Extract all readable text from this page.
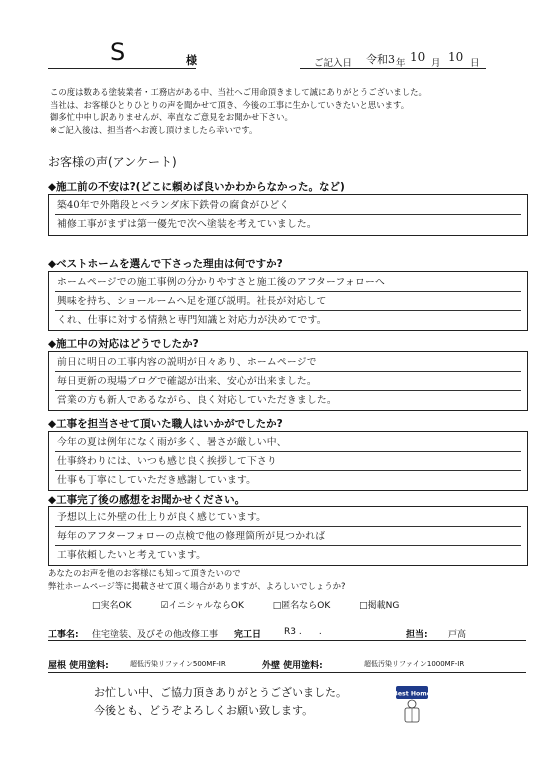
S	様	ご記入日 令和3 年 10 月 10 日
この度は数ある塗装業者・工務店がある中、当社へご用命頂きまして誠にありがとうございました。
当社は、お客様ひとりひとりの声を聞かせて頂き、今後の工事に生かしていきたいと思います。
御多忙中申し訳ありませんが、率直なご意見をお聞かせ下さい。
※ご記入後は、担当者へお渡し頂けましたら幸いです。
お客様の声(アンケート)
◆施工前の不安は?(どこに頼めば良いかわからなかった。など)
築40年で外階段とベランダ床下鉄骨の腐食がひどく
補修工事がまずは第一優先で次へ塗装を考えていました。
◆ベストホームを選んで下さった理由は何ですか?
ホームページでの施工事例の分かりやすさと施工後のアフターフォローへ
興味を持ち、ショールームへ足を運び説明。社長が対応して
くれ、仕事に対する情熱と専門知識と対応力が決めてです。
◆施工中の対応はどうでしたか?
前日に明日の工事内容の説明が日々あり、ホームページで
毎日更新の現場ブログで確認が出来、安心が出来ました。
営業の方も新人であるながら、良く対応していただきました。
◆工事を担当させて頂いた職人はいかがでしたか?
今年の夏は例年になく雨が多く、暑さが厳しい中、
仕事終わりには、いつも感じ良く挨拶して下さり
仕事も丁寧にしていただき感謝しています。
◆工事完了後の感想をお聞かせください。
予想以上に外壁の仕上りが良く感じています。
毎年のアフターフォローの点検で他の修理箇所が見つかれば
工事依頼したいと考えています。
あなたのお声を他のお客様にも知って頂きたいので
弊社ホームページ等に掲載させて頂く場合がありますが、よろしいでしょうか?
□実名OK	☑イニシャルならOK	□匿名ならOK	□掲載NG
工事名: 住宅塗装、及びその他改修工事 完工日	R3 .      .	担当: 戸高
屋根 使用塗料:	超低汚染リファイン500MF-IR	外壁 使用塗料:	超低汚染リファイン1000MF-IR
お忙しい中、ご協力頂きありがとうございました。
今後とも、どうぞよろしくお願い致します。
Best Home
